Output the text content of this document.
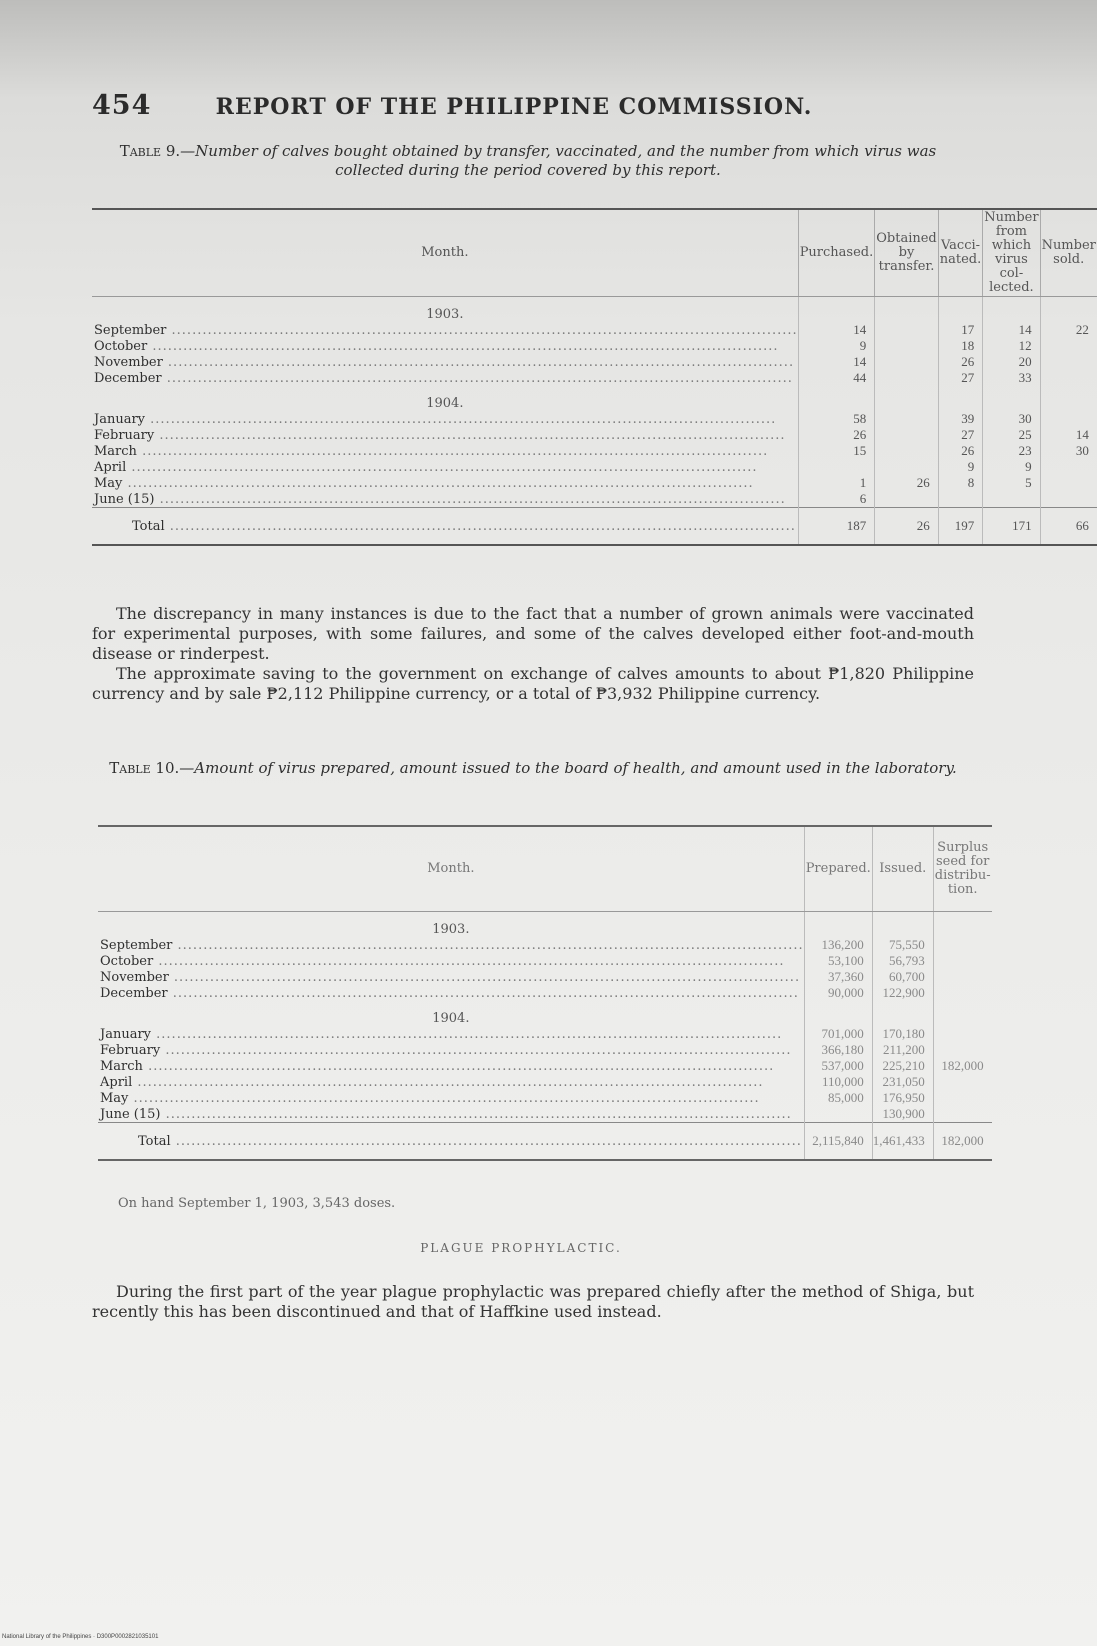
454	REPORT OF THE PHILIPPINE COMMISSION.
Table 9.—Number of calves bought obtained by transfer, vaccinated, and the number from which virus was collected during the period covered by this report.
Month.	Purchased.	Obtained by transfer.	Vacci-nated.	Number from which virus col-lected.	Number sold.
1903.					
September ..........................................................................................................................	14		17	14	22
October ..........................................................................................................................	9		18	12	
November ..........................................................................................................................	14		26	20	
December ..........................................................................................................................	44		27	33	
1904.					
January ..........................................................................................................................	58		39	30	
February ..........................................................................................................................	26		27	25	14
March ..........................................................................................................................	15		26	23	30
April ..........................................................................................................................			9	9	
May ..........................................................................................................................	1	26	8	5	
June (15) ..........................................................................................................................	6				
Total ..........................................................................................................................	187	26	197	171	66
The discrepancy in many instances is due to the fact that a number of grown animals were vaccinated for experimental purposes, with some failures, and some of the calves developed either foot-and-mouth disease or rinderpest.
The approximate saving to the government on exchange of calves amounts to about ₱1,820 Philippine currency and by sale ₱2,112 Philippine currency, or a total of ₱3,932 Philippine currency.
Table 10.—Amount of virus prepared, amount issued to the board of health, and amount used in the laboratory.
Month.	Prepared.	Issued.	Surplus seed for distribu-tion.
1903.			
September ..........................................................................................................................	136,200	75,550	
October ..........................................................................................................................	53,100	56,793	
November ..........................................................................................................................	37,360	60,700	
December ..........................................................................................................................	90,000	122,900	
1904.			
January ..........................................................................................................................	701,000	170,180	
February ..........................................................................................................................	366,180	211,200	
March ..........................................................................................................................	537,000	225,210	182,000
April ..........................................................................................................................	110,000	231,050	
May ..........................................................................................................................	85,000	176,950	
June (15) ..........................................................................................................................		130,900	
Total ..........................................................................................................................	2,115,840	1,461,433	182,000
On hand September 1, 1903, 3,543 doses.
PLAGUE PROPHYLACTIC.
During the first part of the year plague prophylactic was prepared chiefly after the method of Shiga, but recently this has been discontinued and that of Haffkine used instead.
National Library of the Philippines · D300P0002821035101
